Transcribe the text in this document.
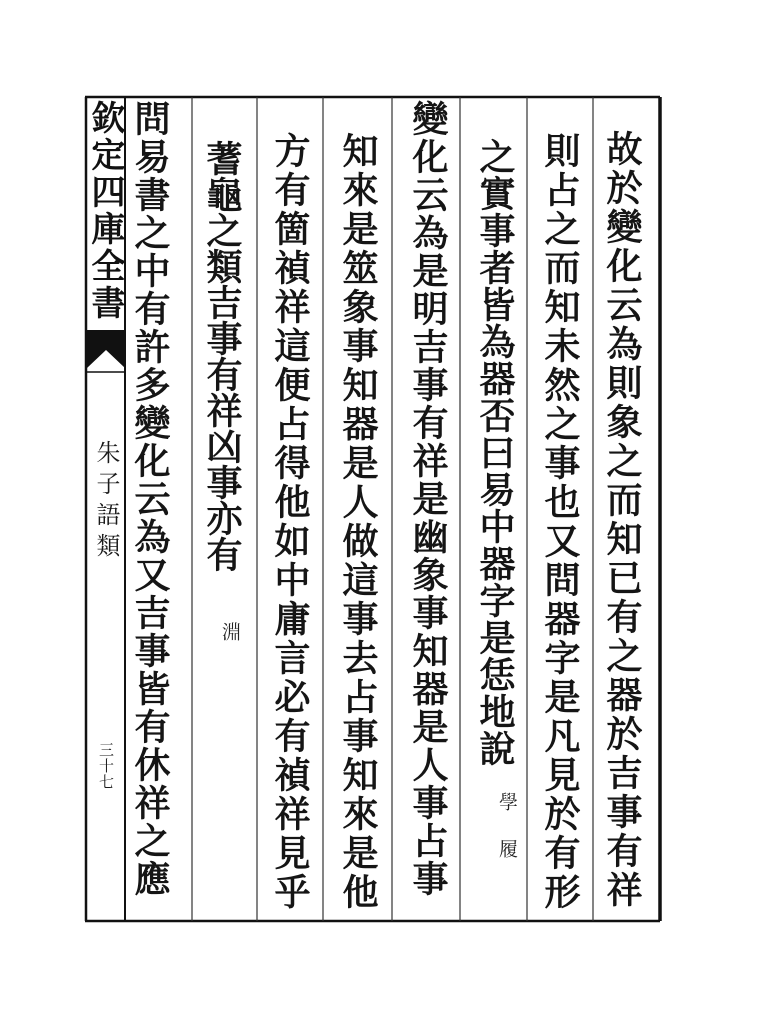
欽定四庫全書
朱子語類
三十七	故於變化云為則象之而知已有之器於吉事有祥
則占之而知未然之事也又問器字是凡見於有形
之實事者皆為器否曰易中器字是恁地說
學履
變化云為是明吉事有祥是幽象事知器是人事占事
知來是筮象事知器是人做這事去占事知來是他
方有箇禎祥這便占得他如中庸言必有禎祥見乎
蓍龜之類吉事有祥凶事亦有
淵
問易書之中有許多變化云為又吉事皆有休祥之應
